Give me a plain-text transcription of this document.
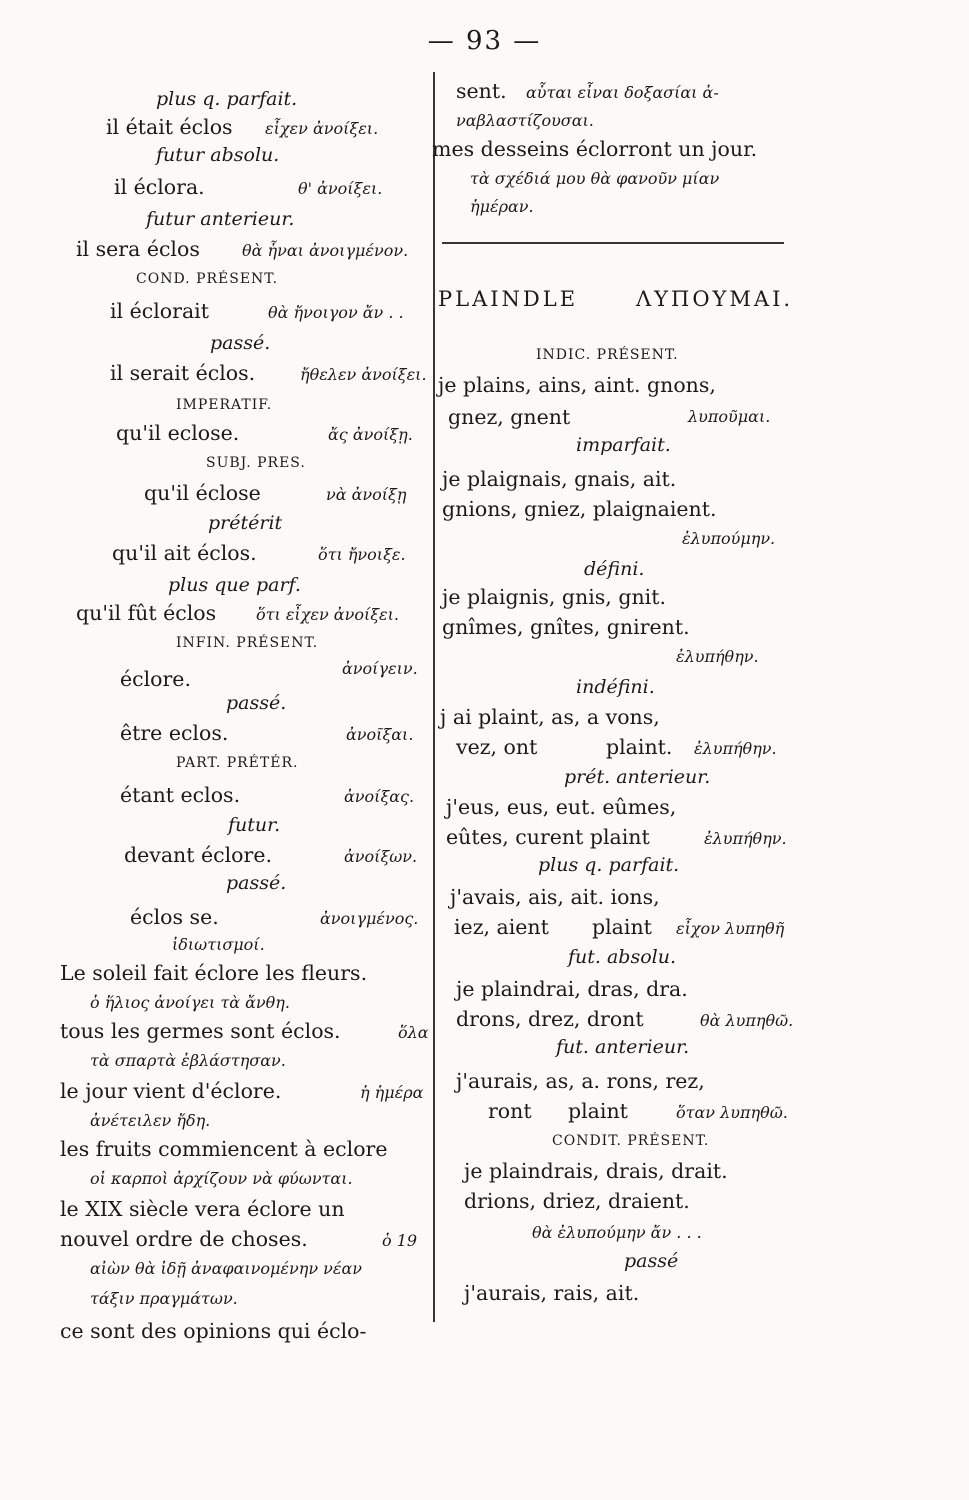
— 93 —
plus q. parfait.
il était éclos εἶχεν ἀνοίξει.
futur absolu.
il éclora.	θ' ἀνοίξει.
futur anterieur.
il sera éclos	θὰ ἦναι ἀνοιγμένον.
COND. PRÉSENT.
il éclorait	θὰ ἤνοιγον ἄν . .
passé.
il serait éclos.	ἤθελεν ἀνοίξει.
IMPERATIF.
qu'il eclose.	ἄς ἀνοίξῃ.
SUBJ. PRES.
qu'il éclose	νὰ ἀνοίξῃ
prétérit
qu'il ait éclos.	ὅτι ἤνοιξε.
plus que parf.
qu'il fût éclos ὅτι εἶχεν ἀνοίξει.
INFIN. PRÉSENT.
éclore.	ἀνοίγειν.
passé.
être eclos.	ἀνοῖξαι.
PART. PRÉTÉR.
étant eclos.	ἀνοίξας.
futur.
devant éclore.	ἀνοίξων.
passé.
éclos se.	ἀνοιγμένος.
ἰδιωτισμοί.
Le soleil fait éclore les fleurs.
ὁ ἥλιος ἀνοίγει τὰ ἄνθη.
tous les germes sont éclos.	ὅλα
τὰ σπαρτὰ ἐβλάστησαν.
le jour vient d'éclore.	ἡ ἡμέρα
ἀνέτειλεν ἤδη.
les fruits commiencent à eclore
οἱ καρποὶ ἀρχίζουν νὰ φύωνται.
le XIX siècle vera éclore un
nouvel ordre de choses.	ὁ 19
αἰὼν θὰ ἰδῇ ἀναφαινομένην νέαν
τάξιν πραγμάτων.
ce sont des opinions qui éclo-
sent. αὗται εἶναι δοξασίαι ἀ-
ναβλαστίζουσαι.
mes desseins éclorront un jour.
τὰ σχέδιά μου θὰ φανοῦν μίαν
ἡμέραν.
PLAINDLE	ΛΥΠΟΥΜΑΙ.
INDIC. PRÉSENT.
je plains, ains, aint. gnons,
gnez, gnent	λυποῦμαι.
imparfait.
je plaignais, gnais, ait.
gnions, gniez, plaignaient.
ἐλυπούμην.
défini.
je plaignis, gnis, gnit.
gnîmes, gnîtes, gnirent.
ἐλυπήθην.
indéfini.
j ai plaint, as, a vons,
vez, ont	plaint. ἐλυπήθην.
prét. anterieur.
j'eus, eus, eut. eûmes,
eûtes, curent plaint	ἐλυπήθην.
plus q. parfait.
j'avais, ais, ait. ions,
iez, aient plaint εἶχον λυπηθῆ
fut. absolu.
je plaindrai, dras, dra.
drons, drez, dront	θὰ λυπηθῶ.
fut. anterieur.
j'aurais, as, a. rons, rez,
ront plaint	ὅταν λυπηθῶ.
CONDIT. PRÉSENT.
je plaindrais, drais, drait.
drions, driez, draient.
θὰ ἐλυπούμην ἄν . . .
passé
j'aurais, rais, ait.
